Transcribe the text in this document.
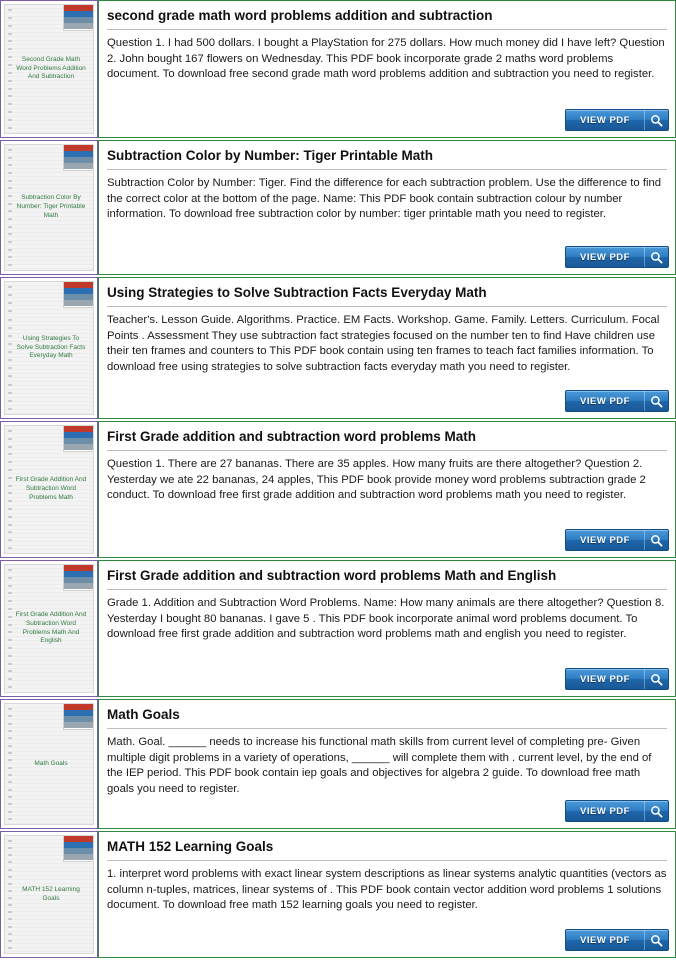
Second Grade Math Word Problems Addition And Subtraction
second grade math word problems addition and subtraction
Question 1. I had 500 dollars. I bought a PlayStation for 275 dollars. How much money did I have left? Question 2. John bought 167 flowers on Wednesday. This PDF book incorporate grade 2 maths word problems document. To download free second grade math word problems addition and subtraction you need to register.
VIEW PDF
Subtraction Color By Number: Tiger Printable Math
Subtraction Color by Number: Tiger Printable Math
Subtraction Color by Number: Tiger. Find the difference for each subtraction problem. Use the difference to find the correct color at the bottom of the page. Name: This PDF book contain subtraction colour by number information. To download free subtraction color by number: tiger printable math you need to register.
VIEW PDF
Using Strategies To Solve Subtraction Facts Everyday Math
Using Strategies to Solve Subtraction Facts Everyday Math
Teacher's. Lesson Guide. Algorithms. Practice. EM Facts. Workshop. Game. Family. Letters. Curriculum. Focal Points . Assessment They use subtraction fact strategies focused on the number ten to find Have children use their ten frames and counters to This PDF book contain using ten frames to teach fact families information. To download free using strategies to solve subtraction facts everyday math you need to register.
VIEW PDF
First Grade Addition And Subtraction Word Problems Math
First Grade addition and subtraction word problems Math
Question 1. There are 27 bananas. There are 35 apples. How many fruits are there altogether? Question 2. Yesterday we ate 22 bananas, 24 apples, This PDF book provide money word problems subtraction grade 2 conduct. To download free first grade addition and subtraction word problems math you need to register.
VIEW PDF
First Grade Addition And Subtraction Word Problems Math And English
First Grade addition and subtraction word problems Math and English
Grade 1. Addition and Subtraction Word Problems. Name: How many animals are there altogether? Question 8. Yesterday I bought 80 bananas. I gave 5 . This PDF book incorporate animal word problems document. To download free first grade addition and subtraction word problems math and english you need to register.
VIEW PDF
Math Goals
Math Goals
Math. Goal. ______ needs to increase his functional math skills from current level of completing pre- Given multiple digit problems in a variety of operations, ______ will complete them with . current level, by the end of the IEP period. This PDF book contain iep goals and objectives for algebra 2 guide. To download free math goals you need to register.
VIEW PDF
MATH 152 Learning Goals
MATH 152 Learning Goals
1. interpret word problems with exact linear system descriptions as linear systems analytic quantities (vectors as column n-tuples, matrices, linear systems of . This PDF book contain vector addition word problems 1 solutions document. To download free math 152 learning goals you need to register.
VIEW PDF
